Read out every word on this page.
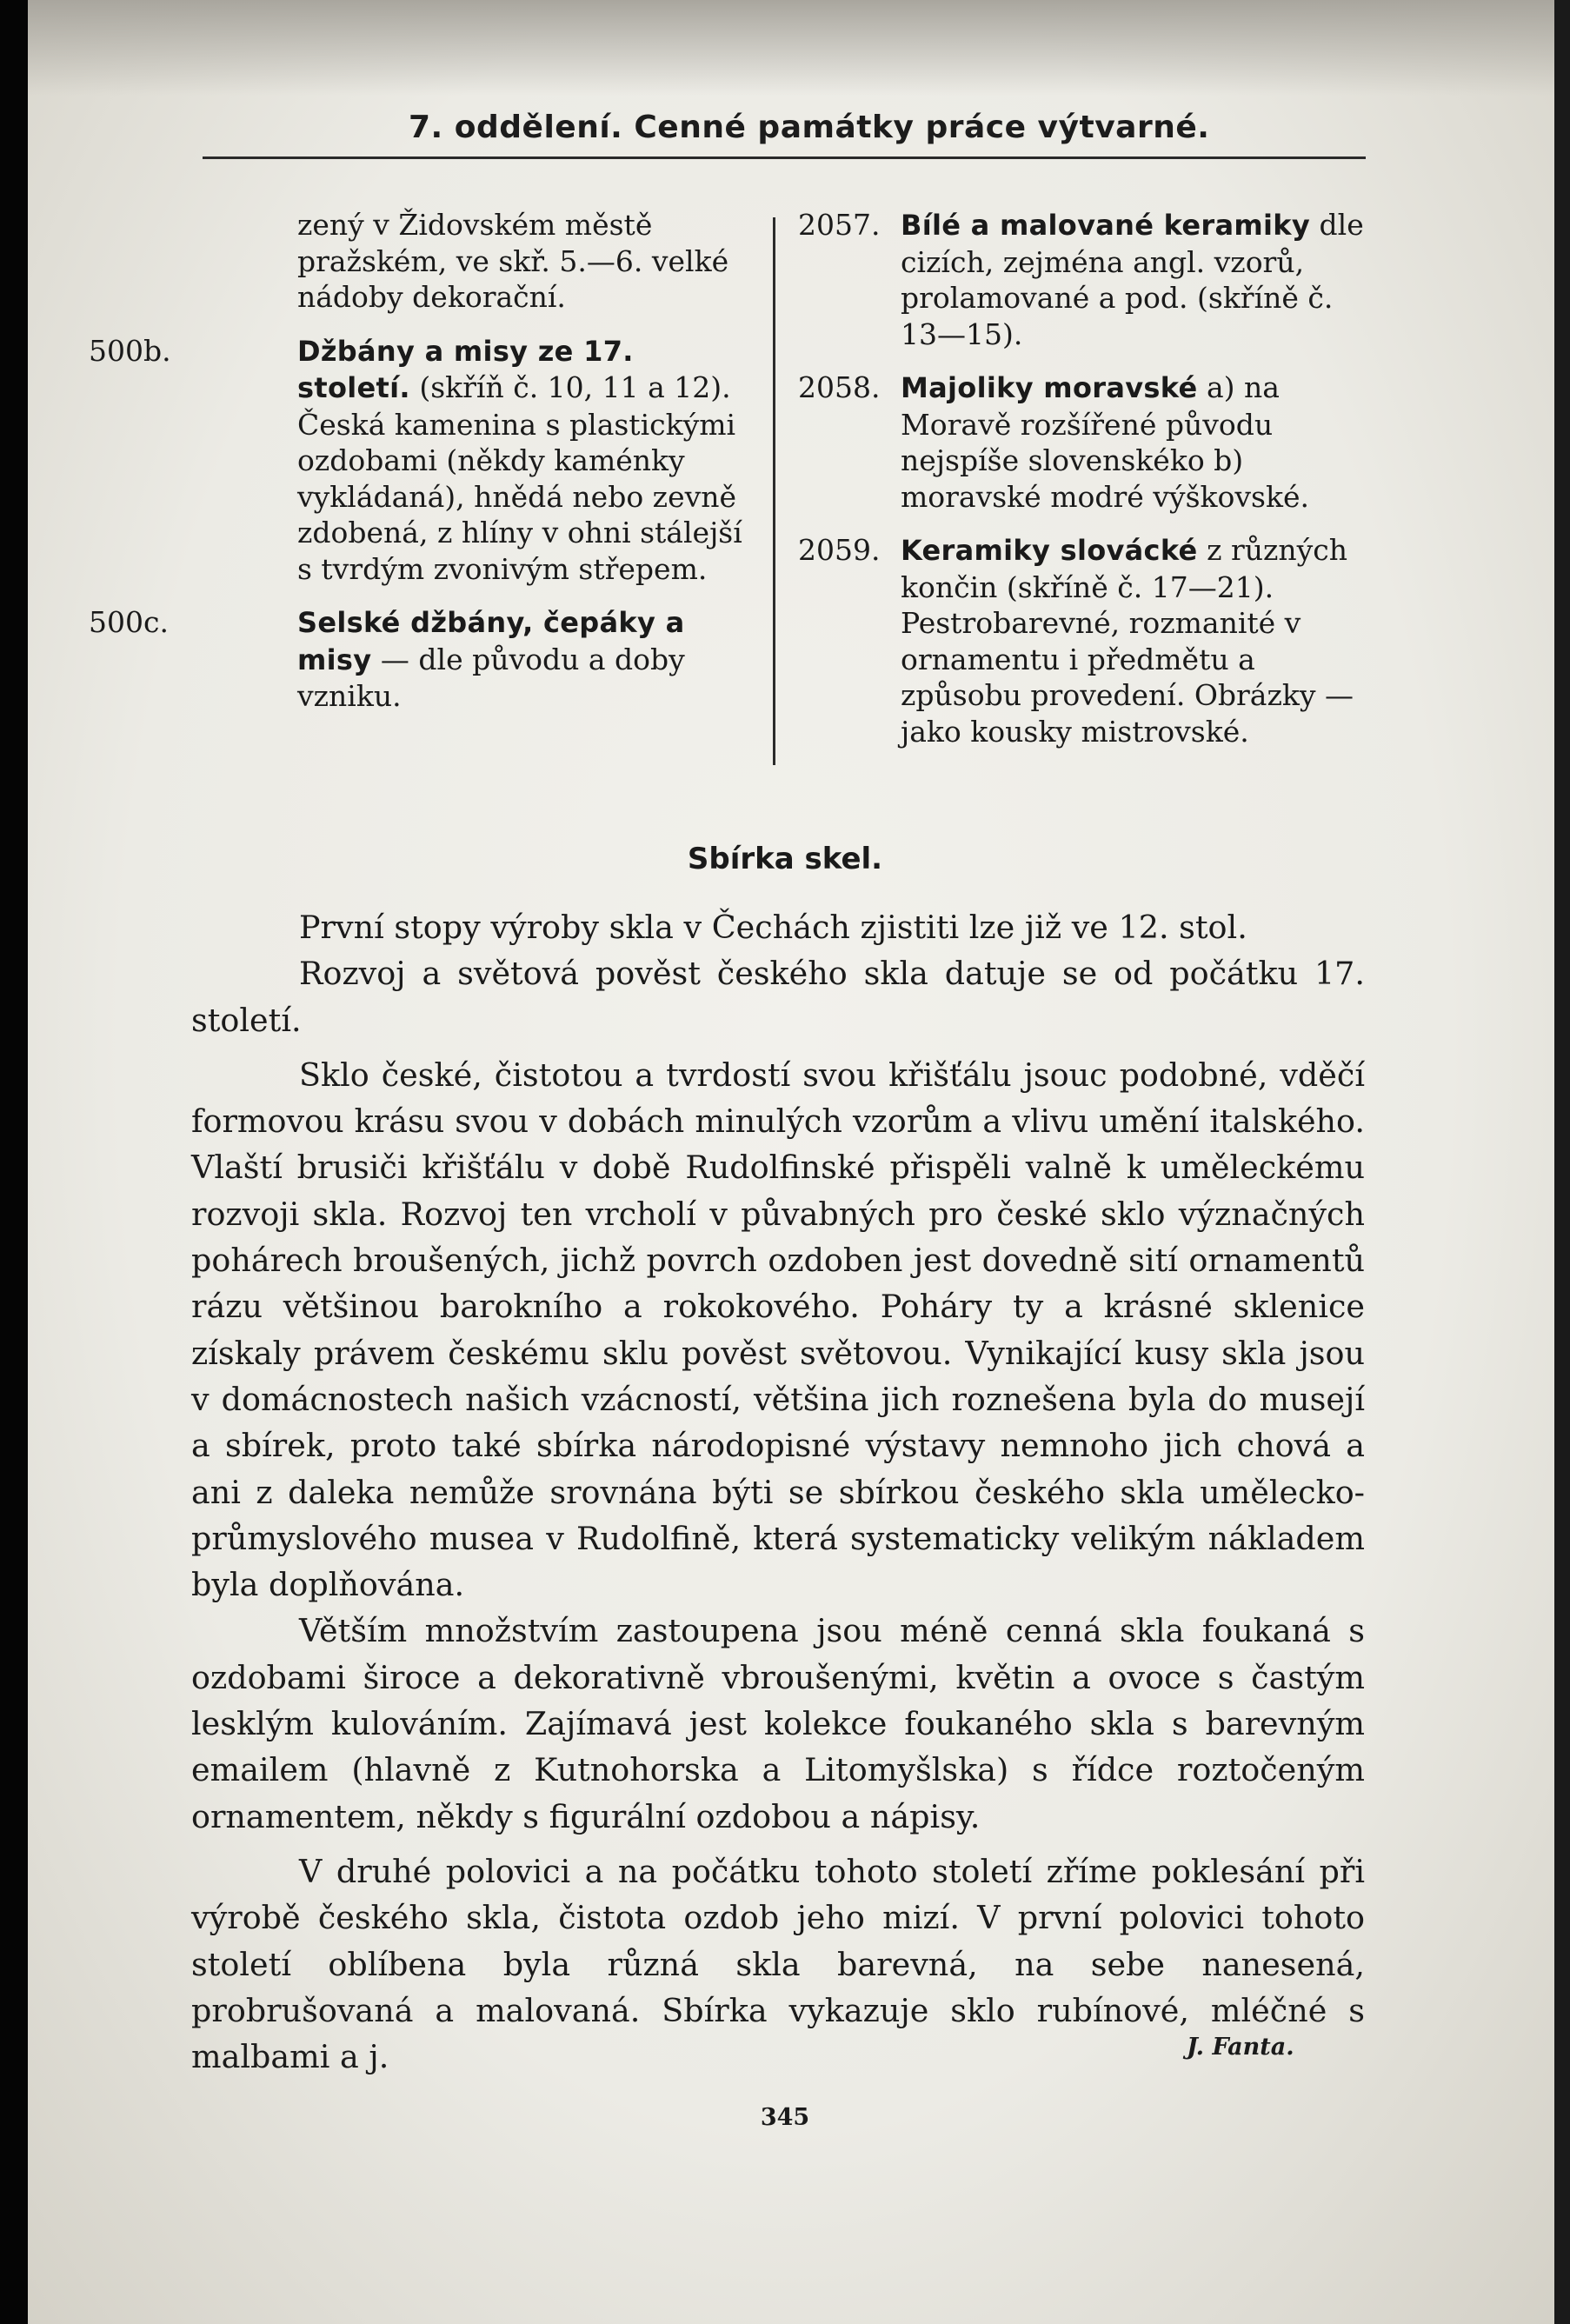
7. oddělení. Cenné památky práce výtvarné.
zený v Židovském městě pražském, ve skř. 5.—6. velké nádoby dekorační.
500b.	Džbány a misy ze 17. století. (skříň č. 10, 11 a 12). Česká kamenina s plastickými ozdobami (někdy kaménky vykládaná), hnědá nebo zevně zdobená, z hlíny v ohni stálejší s tvrdým zvonivým střepem.
500c.	Selské džbány, čepáky a misy — dle původu a doby vzniku.
2057. Bílé a malované keramiky dle cizích, zejména angl. vzorů, prolamované a pod. (skříně č. 13—15).
2058. Majoliky moravské a) na Moravě rozšířené původu nejspíše slovenskéko b) moravské modré výškovské.
2059. Keramiky slovácké z různých končin (skříně č. 17—21). Pestrobarevné, rozmanité v ornamentu i předmětu a způsobu provedení. Obrázky — jako kousky mistrovské.
Sbírka skel.

První stopy výroby skla v Čechách zjistiti lze již ve 12. stol.

Rozvoj a světová pověst českého skla datuje se od počátku 17. století.

Sklo české, čistotou a tvrdostí svou křišťálu jsouc podobné, vděčí formovou krásu svou v dobách minulých vzorům a vlivu umění italského. Vlaští brusiči křišťálu v době Rudolfinské přispěli valně k uměleckému rozvoji skla. Rozvoj ten vrcholí v půvabných pro české sklo význačných pohárech broušených, jichž povrch ozdoben jest dovedně sití ornamentů rázu většinou barokního a rokokového. Poháry ty a krásné sklenice získaly právem českému sklu pověst světovou. Vynikající kusy skla jsou v domácnostech našich vzácností, většina jich roznešena byla do musejí a sbírek, proto také sbírka národopisné výstavy nemnoho jich chová a ani z daleka nemůže srovnána býti se sbírkou českého skla umělecko-průmyslového musea v Rudolfině, která systematicky velikým nákladem byla doplňována.

Větším množstvím zastoupena jsou méně cenná skla foukaná s ozdobami široce a dekorativně vbroušenými, květin a ovoce s častým lesklým kulováním. Zajímavá jest kolekce foukaného skla s barevným emailem (hlavně z Kutnohorska a Litomyšlska) s řídce roztočeným ornamentem, někdy s figurální ozdobou a nápisy.

V druhé polovici a na počátku tohoto století zříme poklesání při výrobě českého skla, čistota ozdob jeho mizí. V první polovici tohoto století oblíbena byla různá skla barevná, na sebe nanesená, probrušovaná a malovaná. Sbírka vykazuje sklo rubínové, mléčné s malbami a j.	J. Fanta.
345
